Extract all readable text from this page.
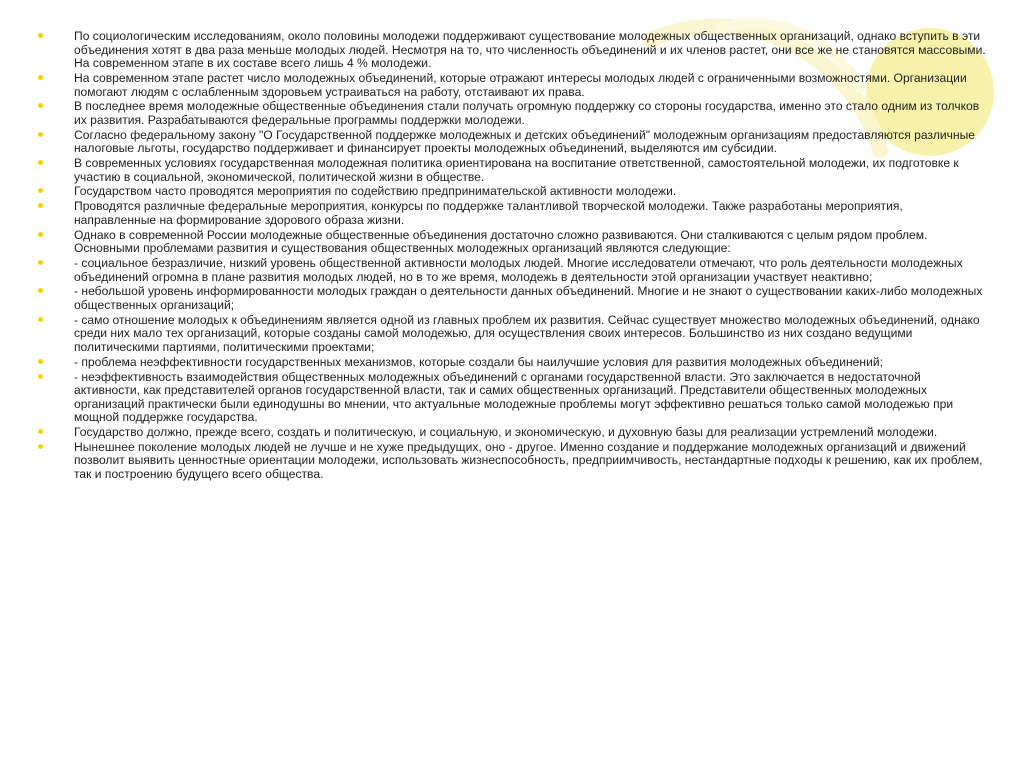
По социологическим исследованиям, около половины молодежи поддерживают существование молодежных общественных организаций, однако вступить в эти объединения хотят в два раза меньше молодых людей. Несмотря на то, что численность объединений и их членов растет, они все же не становятся массовыми. На современном этапе в их составе всего лишь 4 % молодежи.
На современном этапе растет число молодежных объединений, которые отражают интересы молодых людей с ограниченными возможностями. Организации помогают людям с ослабленным здоровьем устраиваться на работу, отстаивают их права.
В последнее время молодежные общественные объединения стали получать огромную поддержку со стороны государства, именно это стало одним из толчков их развития. Разрабатываются федеральные программы поддержки молодежи.
Согласно федеральному закону "О Государственной поддержке молодежных и детских объединений" молодежным организациям предоставляются различные налоговые льготы, государство поддерживает и финансирует проекты молодежных объединений, выделяются им субсидии.
В современных условиях государственная молодежная политика ориентирована на воспитание ответственной, самостоятельной молодежи, их подготовке к участию в социальной, экономической, политической жизни в обществе.
Государством часто проводятся мероприятия по содействию предпринимательской активности молодежи.
Проводятся различные федеральные мероприятия, конкурсы по поддержке талантливой творческой молодежи. Также разработаны мероприятия, направленные на формирование здорового образа жизни.
Однако в современной России молодежные общественные объединения достаточно сложно развиваются. Они сталкиваются с целым рядом проблем. Основными проблемами развития и существования общественных молодежных организаций являются следующие:
- социальное безразличие, низкий уровень общественной активности молодых людей. Многие исследователи отмечают, что роль деятельности молодежных объединений огромна в плане развития молодых людей, но в то же время, молодежь в деятельности этой организации участвует неактивно;
- небольшой уровень информированности молодых граждан о деятельности данных объединений. Многие и не знают о существовании каких-либо молодежных общественных организаций;
- само отношение молодых к объединениям является одной из главных проблем их развития. Сейчас существует множество молодежных объединений, однако среди них мало тех организаций, которые созданы самой молодежью, для осуществления своих интересов. Большинство из них создано ведущими политическими партиями, политическими проектами;
- проблема неэффективности государственных механизмов, которые создали бы наилучшие условия для развития молодежных объединений;
- неэффективность взаимодействия общественных молодежных объединений с органами государственной власти. Это заключается в недостаточной активности, как представителей органов государственной власти, так и самих общественных организаций. Представители общественных молодежных организаций практически были единодушны во мнении, что актуальные молодежные проблемы могут эффективно решаться только самой молодежью при мощной поддержке государства.
Государство должно, прежде всего, создать и политическую, и социальную, и экономическую, и духовную базы для реализации устремлений молодежи.
Нынешнее поколение молодых людей не лучше и не хуже предыдущих, оно - другое. Именно создание и поддержание молодежных организаций и движений позволит выявить ценностные ориентации молодежи, использовать жизнеспособность, предприимчивость, нестандартные подходы к решению, как их проблем, так и построению будущего всего общества.
